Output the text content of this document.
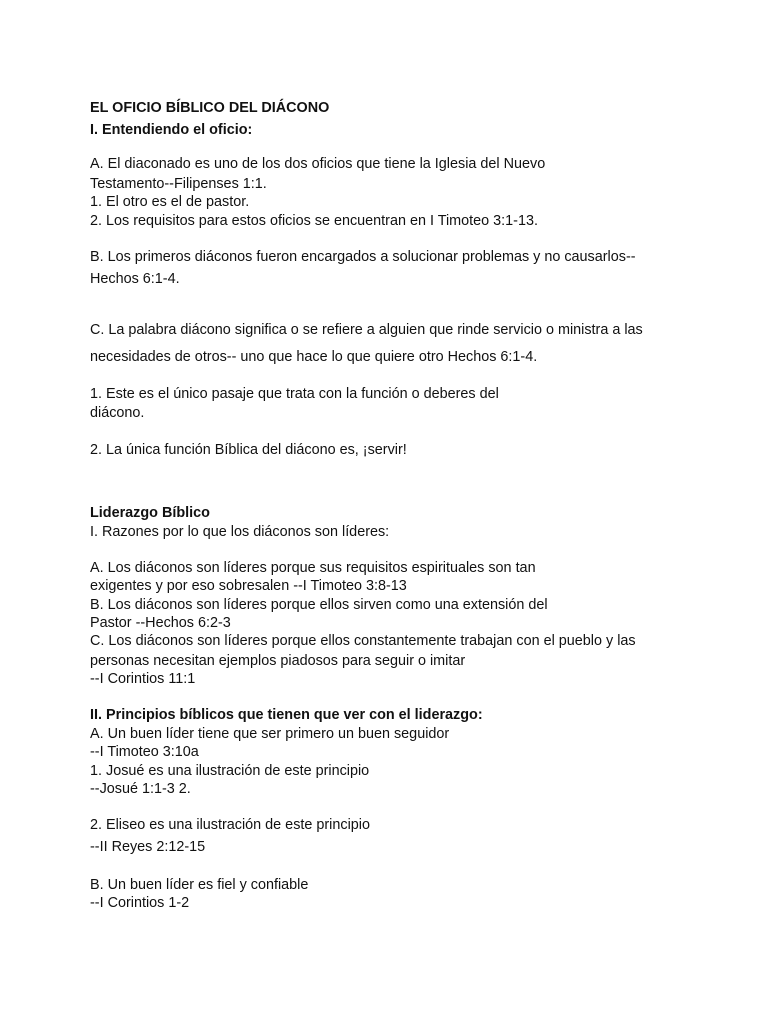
EL OFICIO BÍBLICO DEL DIÁCONO

I. Entendiendo el oficio:

A. El diaconado es uno de los dos oficios que tiene la Iglesia del Nuevo

Testamento--Filipenses 1:1.

1. El otro es el de pastor.

2. Los requisitos para estos oficios se encuentran en I Timoteo 3:1-13.

B. Los primeros diáconos fueron encargados a solucionar problemas y no causarlos--

Hechos 6:1-4.

C. La palabra diácono significa o se refiere a alguien que rinde servicio o ministra a las

necesidades de otros-- uno que hace lo que quiere otro Hechos 6:1-4.

1. Este es el único pasaje que trata con la función o deberes del

diácono.

2. La única función Bíblica del diácono es, ¡servir!

Liderazgo Bíblico

I. Razones por lo que los diáconos son líderes:

A. Los diáconos son líderes porque sus requisitos espirituales son tan

exigentes y por eso sobresalen --I Timoteo 3:8-13

B. Los diáconos son líderes porque ellos sirven como una extensión del

Pastor --Hechos 6:2-3

C. Los diáconos son líderes porque ellos constantemente trabajan con el pueblo y las

personas necesitan ejemplos piadosos para seguir o imitar

--I Corintios 11:1

II. Principios bíblicos que tienen que ver con el liderazgo:

A. Un buen líder tiene que ser primero un buen seguidor

--I Timoteo 3:10a

1. Josué es una ilustración de este principio

--Josué 1:1-3 2.

2. Eliseo es una ilustración de este principio

--II Reyes 2:12-15

B. Un buen líder es fiel y confiable

--I Corintios 1-2
